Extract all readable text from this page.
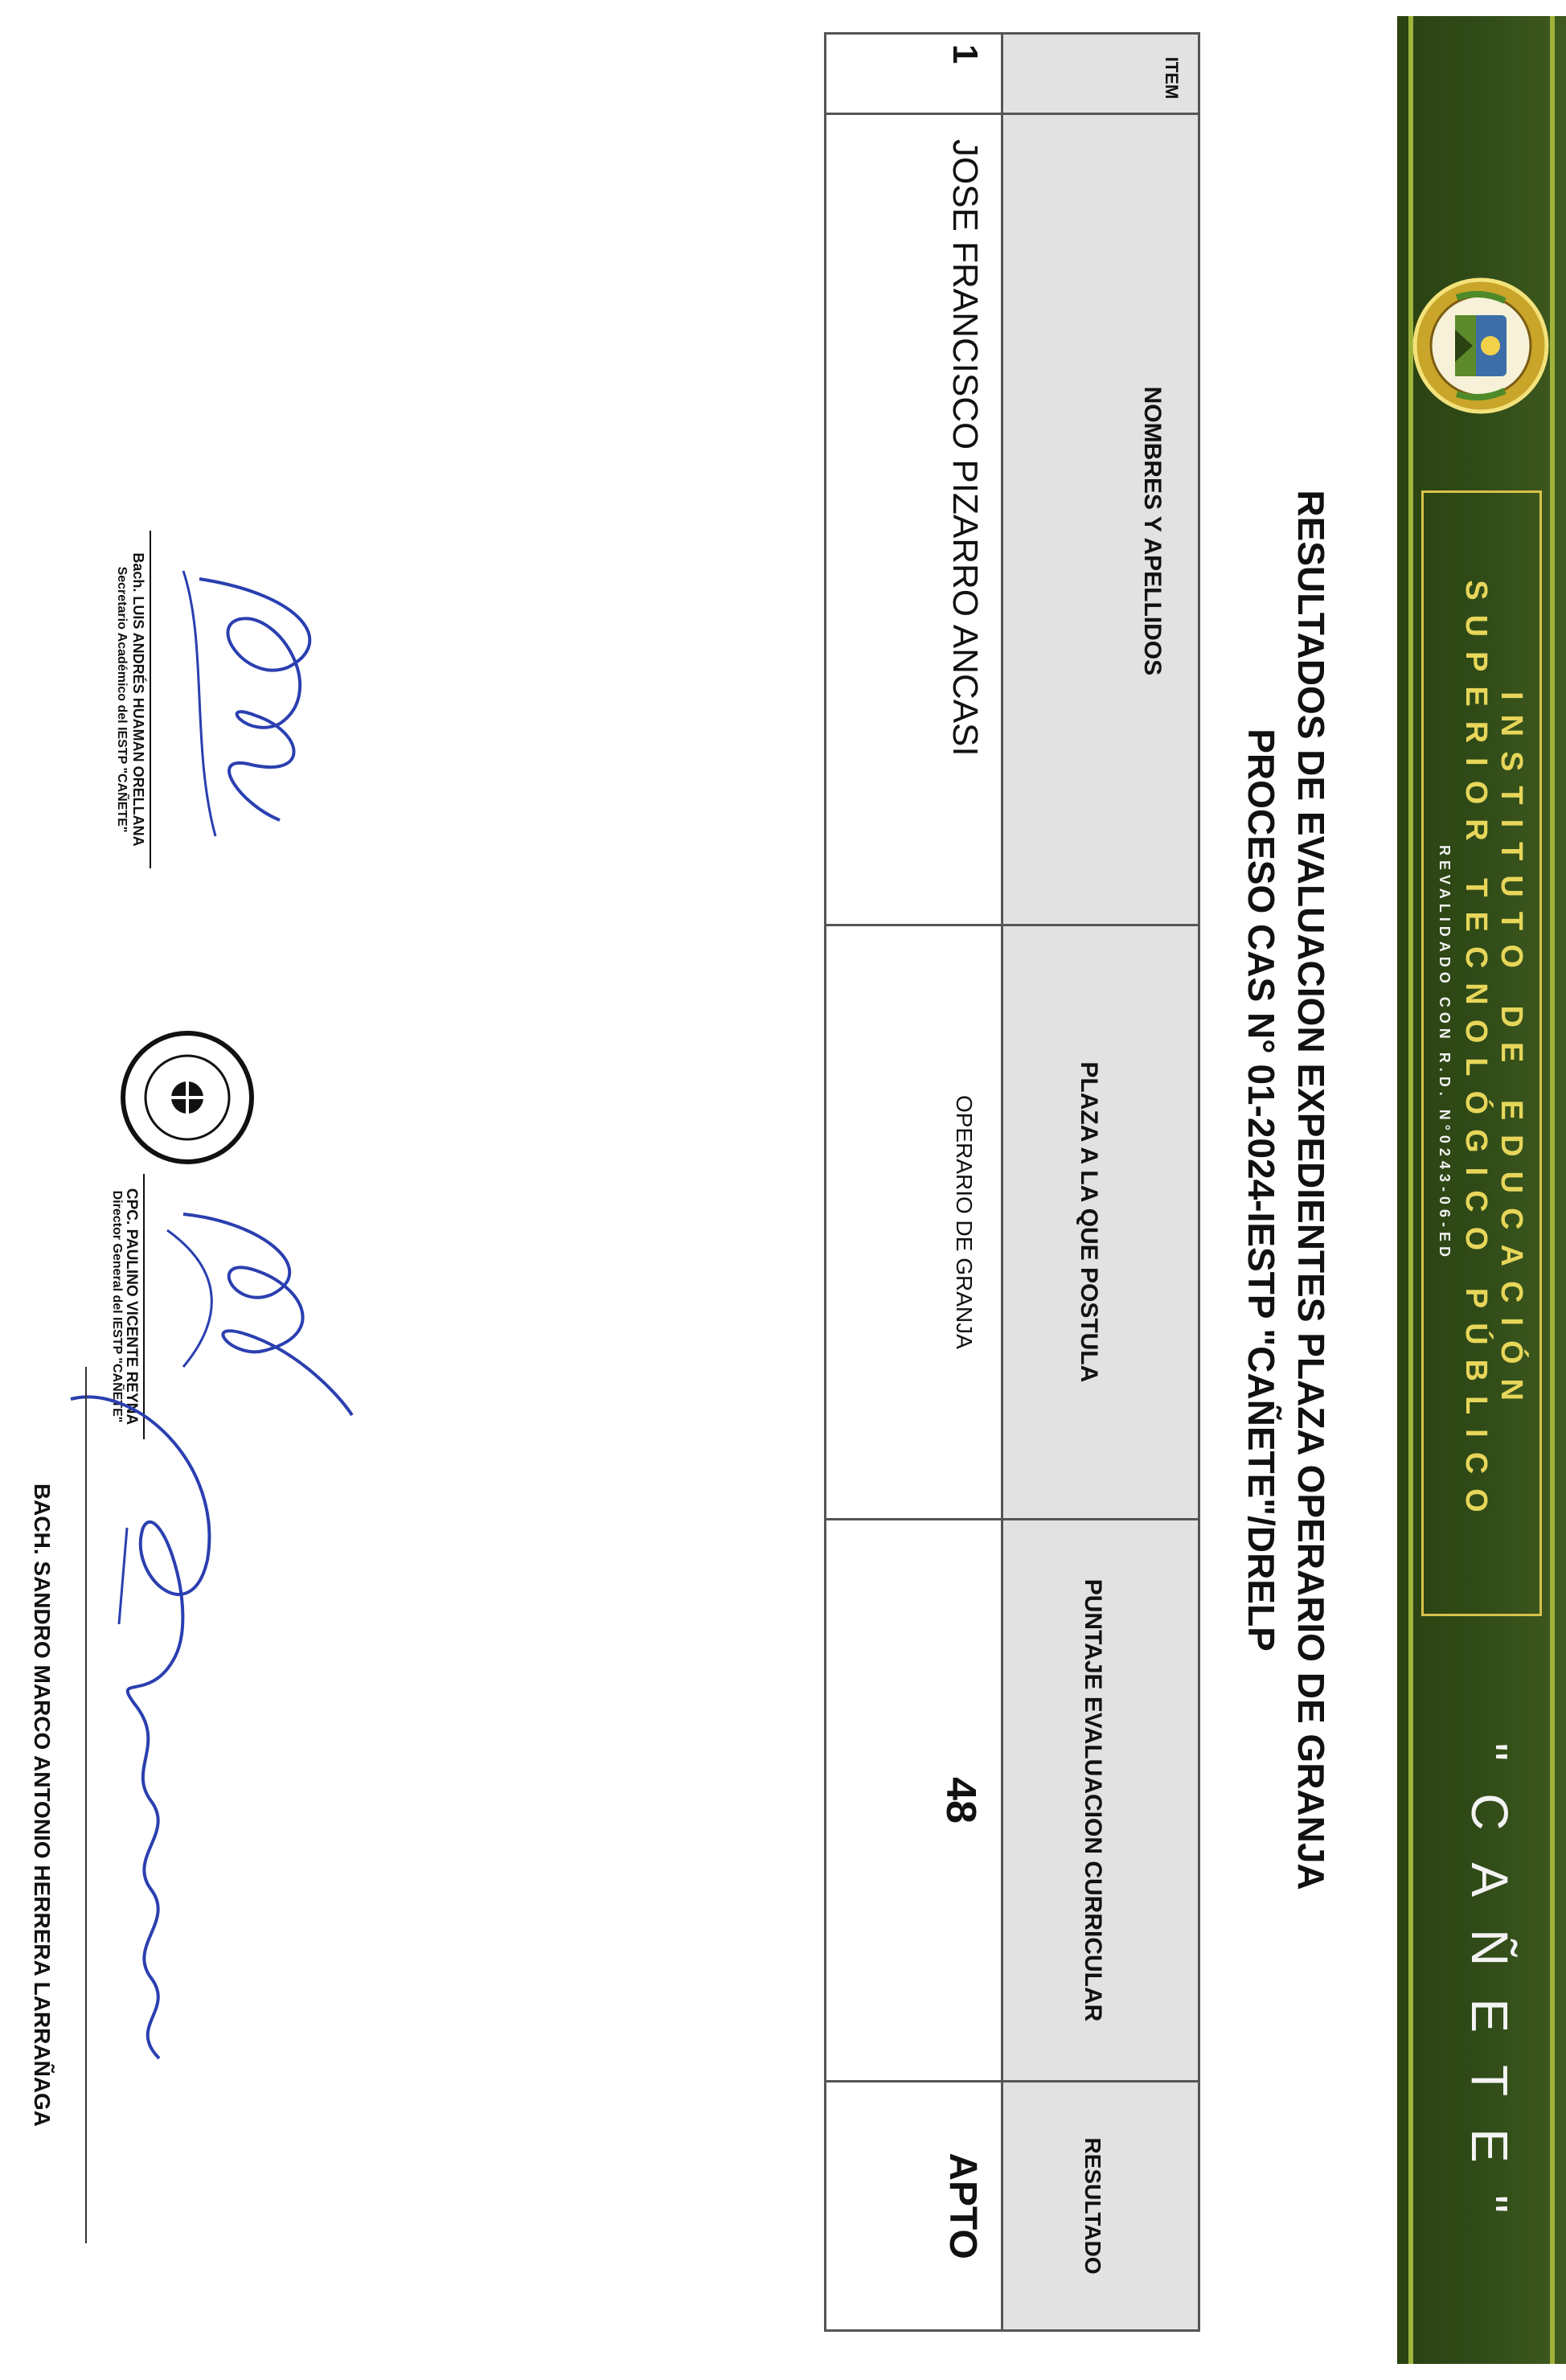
INSTITUTO DE EDUCACIÓN
SUPERIOR TECNOLÓGICO PÚBLICO
REVALIDADO CON R.D. N°0243-06-ED
"CAÑETE"
RESULTADOS DE EVALUACION EXPEDIENTES PLAZA OPERARIO DE GRANJA
PROCESO CAS N° 01-2024-IESTP "CAÑETE"/DRELP
ITEM	NOMBRES Y APELLIDOS	PLAZA A LA QUE POSTULA	PUNTAJE EVALUACION CURRICULAR	RESULTADO
1	JOSE FRANCISCO PIZARRO ANCASI	OPERARIO DE GRANJA	48	APTO
Bach. LUIS ANDRÉS HUAMAN ORELLANA
Secretario Académico del IESTP "CAÑETE"
CPC. PAULINO VICENTE REYNA
Director General del IESTP "CAÑETE"
BACH. SANDRO MARCO ANTONIO HERRERA LARRAÑAGA
